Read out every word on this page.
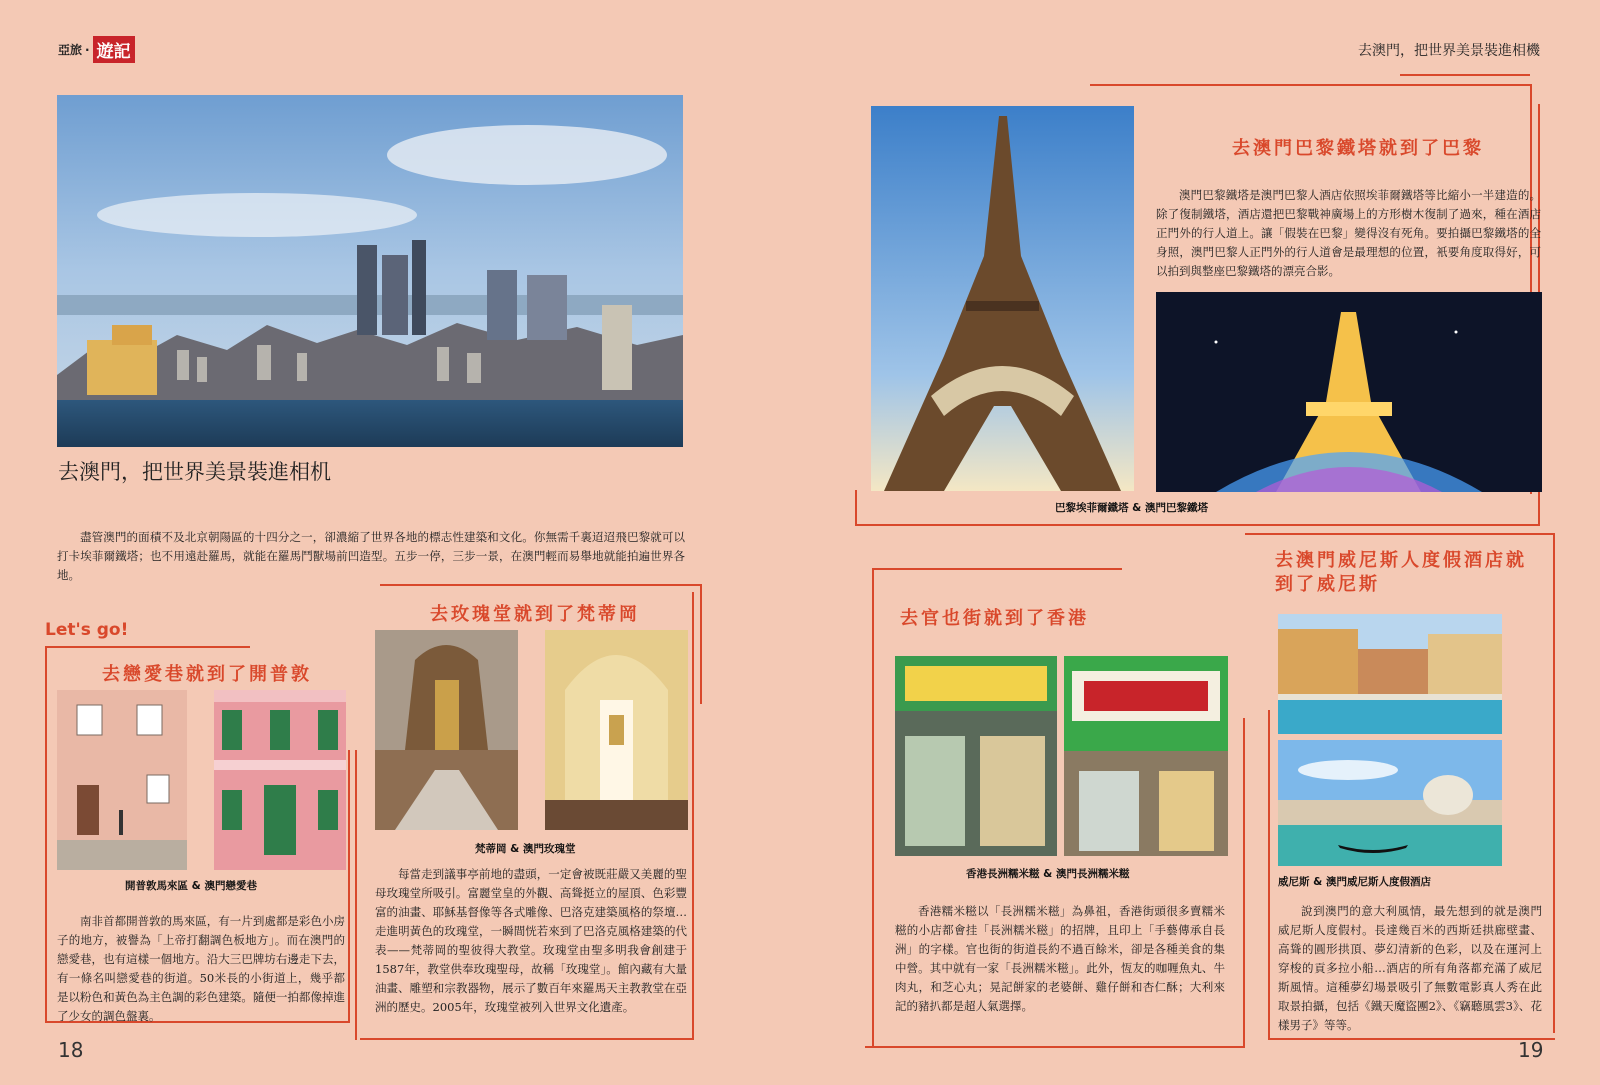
亞旅 · 遊記	去澳門，把世界美景裝進相機
去澳門，把世界美景裝進相机
盡管澳門的面積不及北京朝陽區的十四分之一，卻濃縮了世界各地的標志性建築和文化。你無需千裏迢迢飛巴黎就可以打卡埃菲爾鐵塔；也不用遠赴羅馬，就能在羅馬鬥獸場前凹造型。五步一停，三步一景，在澳門輕而易舉地就能拍遍世界各地。
Let's go!
去戀愛巷就到了開普敦
開普敦馬來區 & 澳門戀愛巷
南非首都開普敦的馬來區，有一片到處都是彩色小房子的地方，被譽為「上帝打翻調色板地方」。而在澳門的戀愛巷，也有這樣一個地方。沿大三巴牌坊右邊走下去，有一條名叫戀愛巷的街道。50米長的小街道上，幾乎都是以粉色和黃色為主色調的彩色建築。隨便一拍都像掉進了少女的調色盤裏。
去玫瑰堂就到了梵蒂岡
梵蒂岡 & 澳門玫瑰堂
每當走到議事亭前地的盡頭，一定會被既莊嚴又美麗的聖母玫瑰堂所吸引。富麗堂皇的外觀、高聳挺立的屋頂、色彩豐富的油畫、耶穌基督像等各式雕像、巴洛克建築風格的祭壇…走進明黃色的玫瑰堂，一瞬間恍若來到了巴洛克風格建築的代表——梵蒂岡的聖彼得大教堂。玫瑰堂由聖多明我會創建于1587年，教堂供奉玫瑰聖母，故稱「玫瑰堂」。館內藏有大量油畫、雕塑和宗教器物，展示了數百年來羅馬天主教教堂在亞洲的歷史。2005年，玫瑰堂被列入世界文化遺產。
18
去澳門巴黎鐵塔就到了巴黎
澳門巴黎鐵塔是澳門巴黎人酒店依照埃菲爾鐵塔等比縮小一半建造的。除了復制鐵塔，酒店還把巴黎戰神廣場上的方形樹木復制了過來，種在酒店正門外的行人道上。讓「假裝在巴黎」變得沒有死角。要拍攝巴黎鐵塔的全身照，澳門巴黎人正門外的行人道會是最理想的位置，衹要角度取得好，可以拍到與整座巴黎鐵塔的漂亮合影。
巴黎埃菲爾鐵塔 & 澳門巴黎鐵塔
去官也街就到了香港
香港長洲糯米糍 & 澳門長洲糯米糍
香港糯米糍以「長洲糯米糍」為鼻祖，香港街頭很多賣糯米糍的小店都會挂「長洲糯米糍」的招牌，且印上「手藝傳承自長洲」的字樣。官也街的街道長約不過百餘米，卻是各種美食的集中營。其中就有一家「長洲糯米糍」。此外，恆友的咖喱魚丸、牛肉丸，和芝心丸；晃記餅家的老婆餅、雞仔餅和杏仁酥；大利來記的豬扒都是超人氣選擇。
去澳門威尼斯人度假酒店就
到了威尼斯
威尼斯 & 澳門威尼斯人度假酒店
說到澳門的意大利風情，最先想到的就是澳門威尼斯人度假村。長達幾百米的西斯廷拱廊壁畫、高聳的圓形拱頂、夢幻清新的色彩，以及在運河上穿梭的貢多拉小船…酒店的所有角落都充滿了威尼斯風情。這種夢幻場景吸引了無數電影真人秀在此取景拍攝，包括《鐵天魔盜團2》、《竊聽風雲3》、花樣男子》等等。
19
